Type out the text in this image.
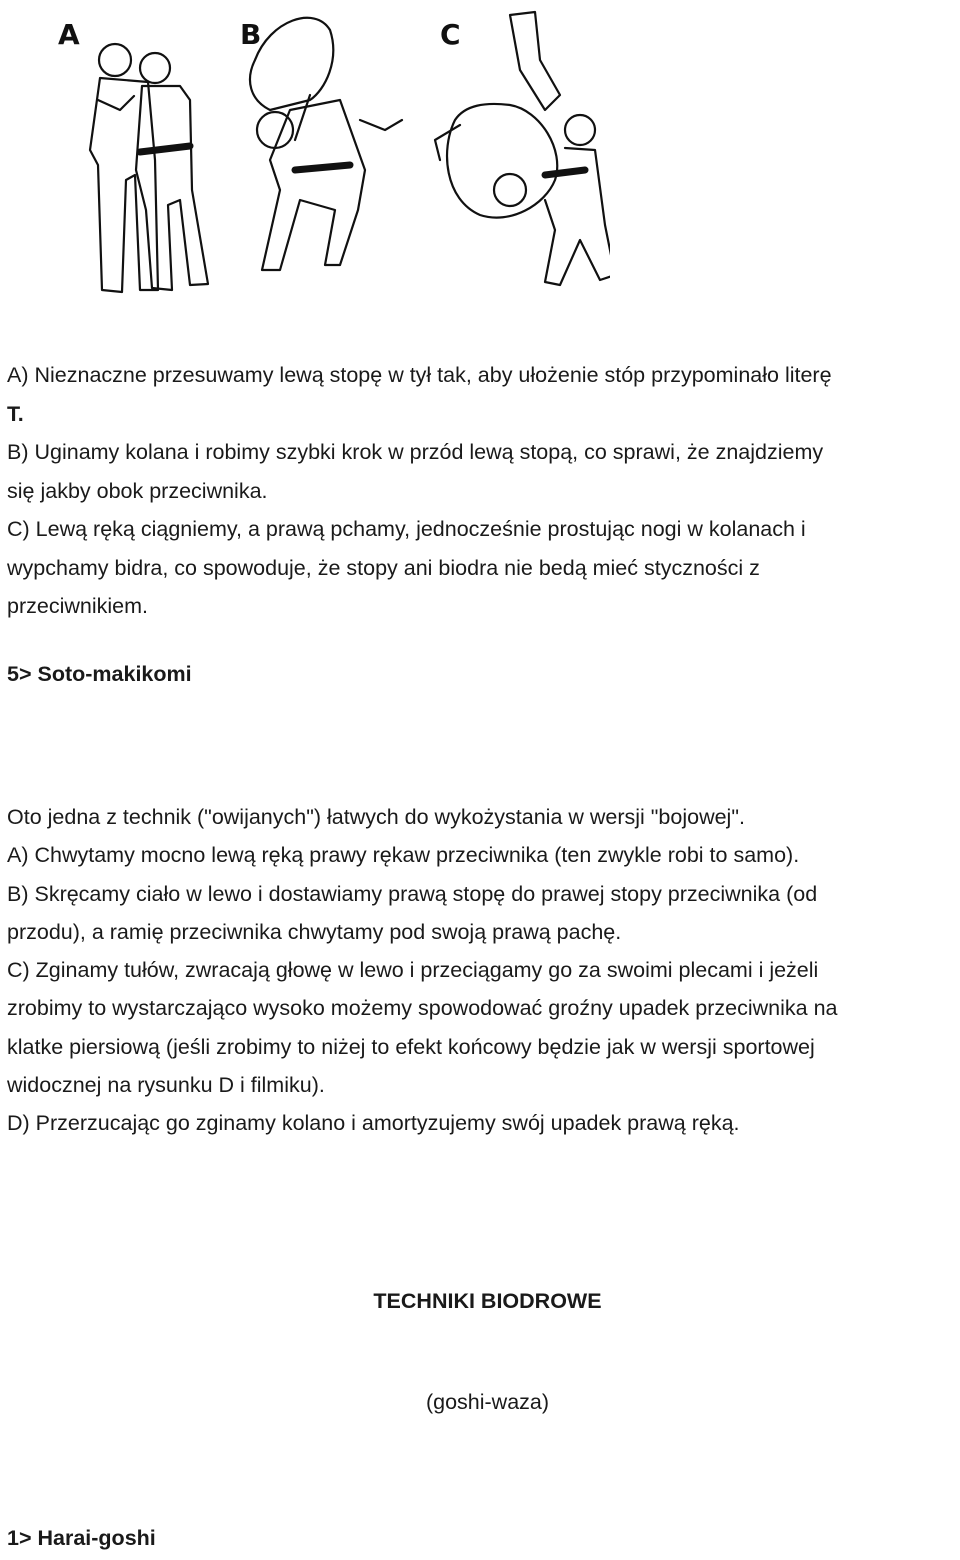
A	B	C
A) Nieznaczne przesuwamy lewą stopę w tył tak, aby ułożenie stóp przypominało literę
T.
B) Uginamy kolana i robimy szybki krok w przód lewą stopą, co sprawi, że znajdziemy
się jakby obok przeciwnika.
C) Lewą ręką ciągniemy, a prawą pchamy, jednocześnie prostując nogi w kolanach i
wypchamy bidra, co spowoduje, że stopy ani biodra nie bedą mieć styczności z
przeciwnikiem.

5> Soto-makikomi

Oto jedna z technik ("owijanych") łatwych do wykożystania w wersji "bojowej".
A) Chwytamy mocno lewą ręką prawy rękaw przeciwnika (ten zwykle robi to samo).
B) Skręcamy ciało w lewo i dostawiamy prawą stopę do prawej stopy przeciwnika (od
przodu), a ramię przeciwnika chwytamy pod swoją prawą pachę.
C) Zginamy tułów, zwracają głowę w lewo i przeciągamy go za swoimi plecami i jeżeli
zrobimy to wystarczająco wysoko możemy spowodować groźny upadek przeciwnika na
klatke piersiową (jeśli zrobimy to niżej to efekt końcowy będzie jak w wersji sportowej
widocznej na rysunku D i filmiku).
D) Przerzucając go zginamy kolano i amortyzujemy swój upadek prawą ręką.

TECHNIKI BIODROWE

(goshi-waza)

1> Harai-goshi
